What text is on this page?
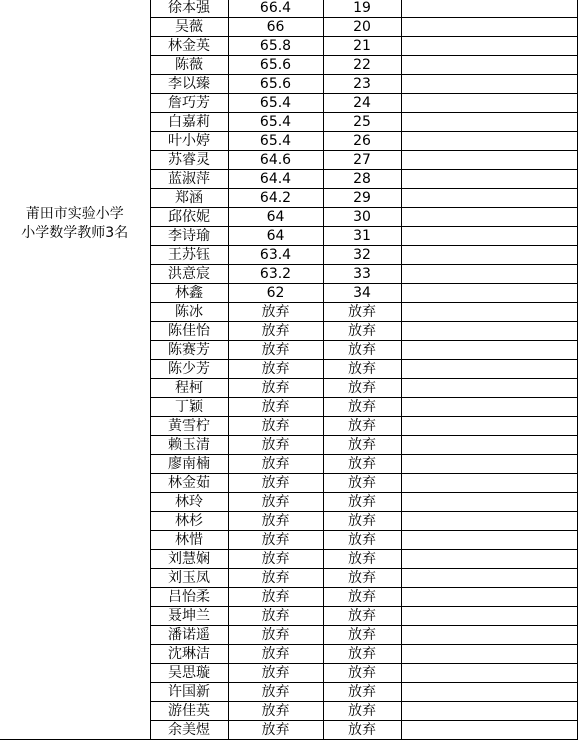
莆田市实验小学
小学数学教师3名	徐本强	66.4	19	
	吴薇	66	20	
	林金英	65.8	21	
	陈薇	65.6	22	
	李以臻	65.6	23	
	詹巧芳	65.4	24	
	白嘉莉	65.4	25	
	叶小婷	65.4	26	
	苏睿灵	64.6	27	
	蓝淑萍	64.4	28	
	郑涵	64.2	29	
	邱依妮	64	30	
	李诗瑜	64	31	
	王苏钰	63.4	32	
	洪意宸	63.2	33	
	林鑫	62	34	
	陈冰	放弃	放弃	
	陈佳怡	放弃	放弃	
	陈赛芳	放弃	放弃	
	陈少芳	放弃	放弃	
	程柯	放弃	放弃	
	丁颖	放弃	放弃	
	黄雪柠	放弃	放弃	
	赖玉清	放弃	放弃	
	廖南楠	放弃	放弃	
	林金茹	放弃	放弃	
	林玲	放弃	放弃	
	林杉	放弃	放弃	
	林惜	放弃	放弃	
	刘慧娴	放弃	放弃	
	刘玉凤	放弃	放弃	
	吕怡柔	放弃	放弃	
	聂坤兰	放弃	放弃	
	潘诺遥	放弃	放弃	
	沈琳洁	放弃	放弃	
	吴思璇	放弃	放弃	
	许国新	放弃	放弃	
	游佳英	放弃	放弃	
	余美煜	放弃	放弃	
